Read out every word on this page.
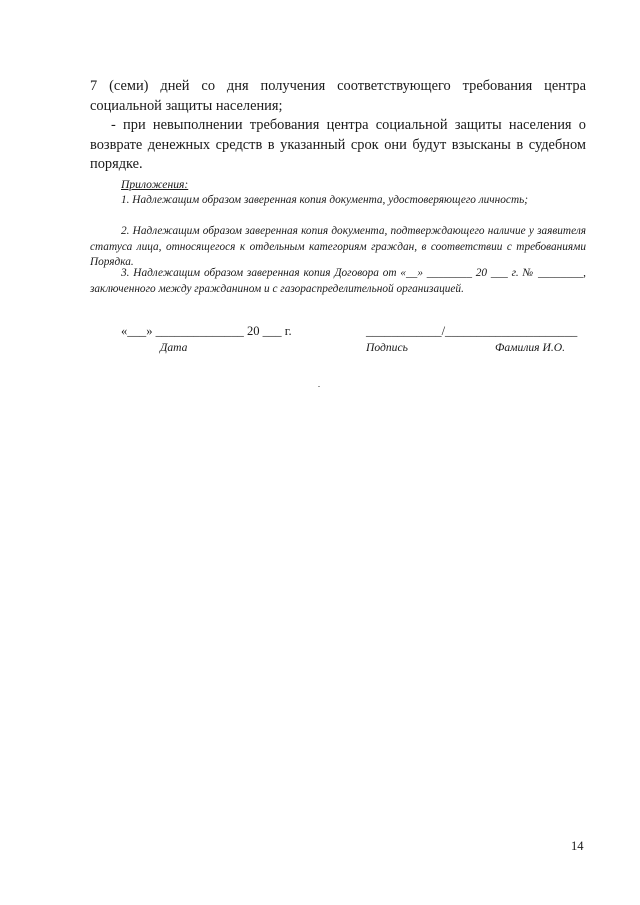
7 (семи) дней со дня получения соответствующего требования центра социальной защиты населения;
- при невыполнении требования центра социальной защиты населения о возврате денежных средств в указанный срок они будут взысканы в судебном порядке.
Приложения:
1. Надлежащим образом заверенная копия документа, удостоверяющего личность;
2. Надлежащим образом заверенная копия документа, подтверждающего наличие у заявителя статуса лица, относящегося к отдельным категориям граждан, в соответствии с требованиями Порядка.
3. Надлежащим образом заверенная копия Договора от «__» ________ 20 ___ г. № ________, заключенного между гражданином и с газораспределительной организацией.
«___» ______________ 20 ___ г.	____________/_____________________
Дата	Подпись	Фамилия И.О.
14
